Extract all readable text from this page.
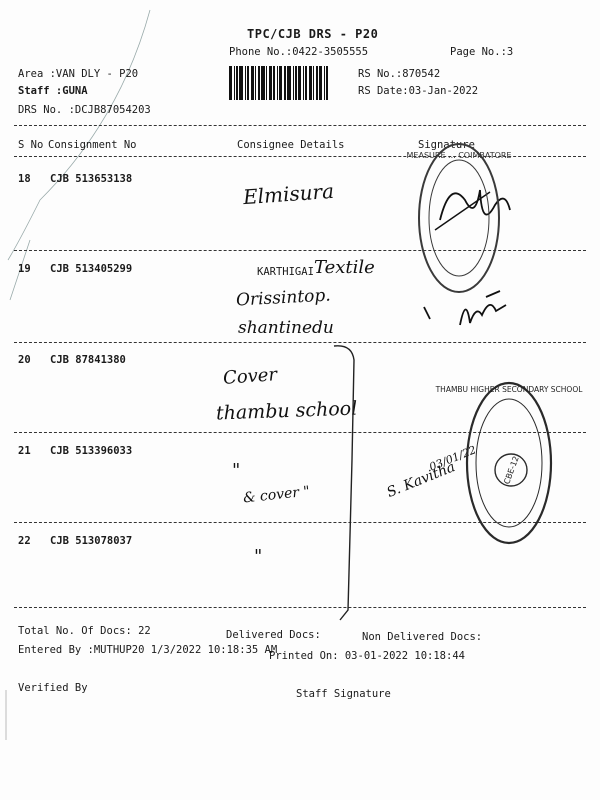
TPC/CJB DRS - P20
Phone No.:0422-3505555	Page No.:3
Area :VAN DLY - P20
Staff :GUNA
DRS No. :DCJB87054203
RS No.:870542
RS Date:03-Jan-2022
S No Consignment No	Consignee Details	Signature
18 CJB 513653138	Elmisura
19 CJB 513405299	KARTHIGAI Textile
Orissintop.
shantinedu
20 CJB 87841380
Cover
thambu school
21 CJB 513396033
"
& cover "	S. Kavitha
03/01/22
22 CJB 513078037
"
MEASURE ... COIMBATORE
CBE-12
THAMBU HIGHER SECONDARY SCHOOL
Total No. Of Docs: 22	Delivered Docs:	Non Delivered Docs:
Entered By :MUTHUP20 1/3/2022 10:18:35 AM
Printed On: 03-01-2022 10:18:44
Verified By	Staff Signature
